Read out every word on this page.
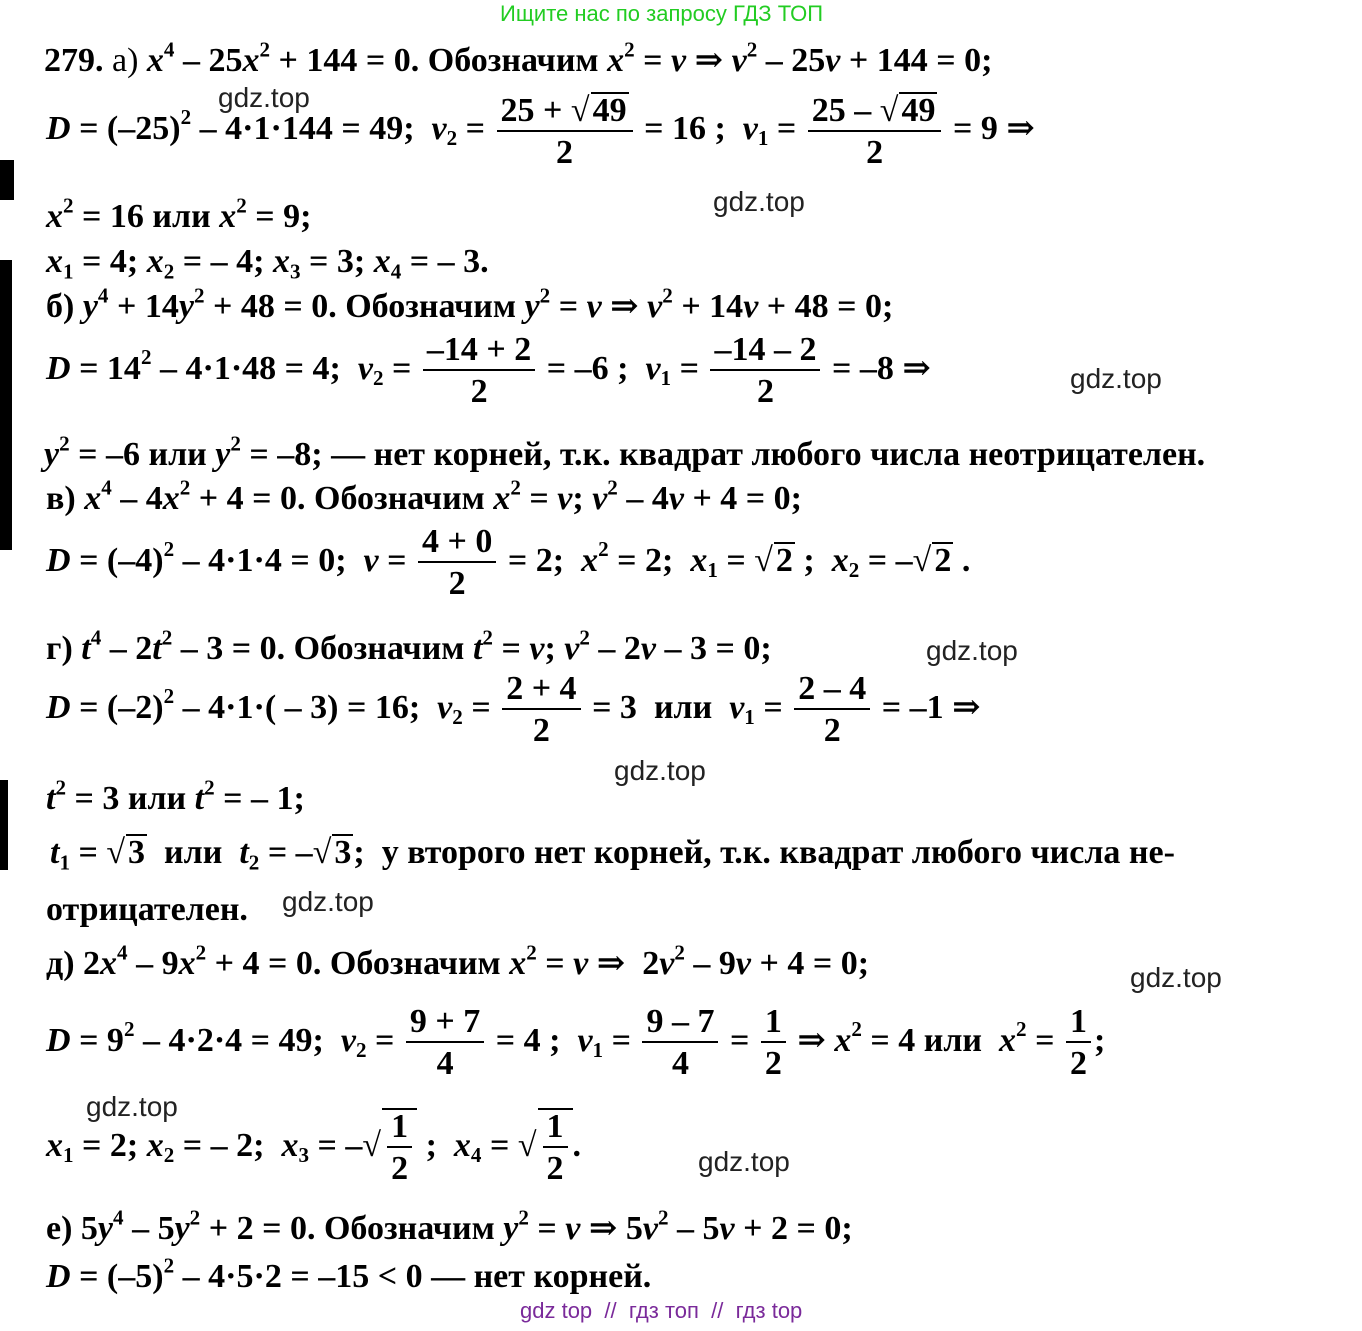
Ищите нас по запросу ГДЗ ТОП
279. а) $x^4 - 25x^2 + 144 = 0$. Обозначим $x^2 = v$ ⇒ $v^2 - 25v + 144 = 0$;
gdz.top
$D = (-25)^2 - 4\cdot 1\cdot 144 = 49$;  $v_2 = \frac{25 + √49}{2} = 16$ ;  $v_1 = \frac{25 - √49}{2} = 9$ ⇒
gdz.top
$x^2 = 16$ или $x^2 = 9$;
$x_1 = 4$; $x_2$ = – 4; $x_3 = 3$; $x_4$ = – 3.
б) $y^4 + 14y^2 + 48 = 0$. Обозначим $y^2 = v$ ⇒ $v^2 + 14v + 48 = 0$;
$D = 14^2 - 4\cdot 1\cdot 48 = 4$;  $v_2 = \frac{-14 + 2}{2} = -6$ ;  $v_1 = \frac{-14 - 2}{2} = -8$ ⇒	gdz.top
$y^2 = -6$ или $y^2 = -8$; — нет корней, т.к. квадрат любого числа неотрицателен.
в) $x^4 - 4x^2 + 4 = 0$. Обозначим $x^2 = v$; $v^2 - 4v + 4 = 0$;
$D = (-4)^2 - 4\cdot 1\cdot 4 = 0$;  $v = \frac{4 + 0}{2} = 2$;  $x^2 = 2$;  $x_1 = √2$ ;  $x_2 = -√2$ .
г) $t^4 - 2t^2 - 3 = 0$. Обозначим $t^2 = v$; $v^2 - 2v - 3 = 0$;	gdz.top
$D = (-2)^2 - 4\cdot 1\cdot( - 3) = 16$;  $v_2 = \frac{2 + 4}{2} = 3$  или $v_1 = \frac{2 - 4}{2} = -1$ ⇒
gdz.top
$t^2 = 3$ или $t^2$ = – 1;
$t_1 = √3$ или $t_2 = -√3$;  у второго нет корней, т.к. квадрат любого числа не-
отрицателен. gdz.top
д) $2x^4 - 9x^2 + 4 = 0$. Обозначим $x^2 = v$ ⇒  $2v^2 - 9v + 4 = 0$;	gdz.top
$D = 9^2 - 4\cdot 2\cdot 4 = 49$;  $v_2 = \frac{9 + 7}{4} = 4$ ;  $v_1 = \frac{9 - 7}{4} = \frac{1}{2}$ ⇒ $x^2 = 4$ или $x^2 = \frac{1}{2}$ ;
gdz.top
$x_1 = 2$; $x_2$ = – 2;  $x_3$ = –√ $\frac{1}{2}$ ;  $x_4$ = √ $\frac{1}{2}$ .	gdz.top
е) $5y^4 - 5y^2 + 2 = 0$. Обозначим $y^2 = v$ ⇒ $5v^2 - 5v + 2 = 0$;
$D = (-5)^2 - 4\cdot 5\cdot 2 = -15 < 0$ — нет корней.
gdz top // гдз топ // гдз top
